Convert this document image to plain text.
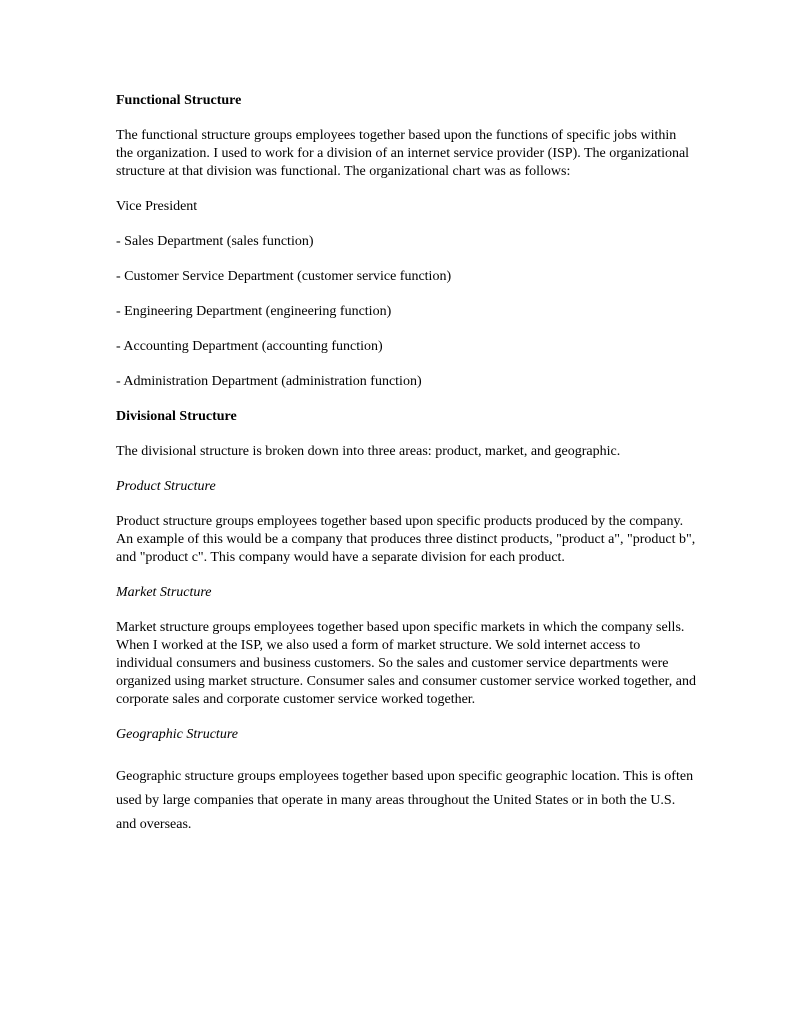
Functional Structure
The functional structure groups employees together based upon the functions of specific jobs within the organization. I used to work for a division of an internet service provider (ISP). The organizational structure at that division was functional. The organizational chart was as follows:
Vice President
- Sales Department (sales function)
- Customer Service Department (customer service function)
- Engineering Department (engineering function)
- Accounting Department (accounting function)
- Administration Department (administration function)
Divisional Structure
The divisional structure is broken down into three areas: product, market, and geographic.
Product Structure
Product structure groups employees together based upon specific products produced by the company. An example of this would be a company that produces three distinct products, "product a", "product b", and "product c". This company would have a separate division for each product.
Market Structure
Market structure groups employees together based upon specific markets in which the company sells. When I worked at the ISP, we also used a form of market structure. We sold internet access to individual consumers and business customers. So the sales and customer service departments were organized using market structure. Consumer sales and consumer customer service worked together, and corporate sales and corporate customer service worked together.
Geographic Structure
Geographic structure groups employees together based upon specific geographic location. This is often used by large companies that operate in many areas throughout the United States or in both the U.S. and overseas.
